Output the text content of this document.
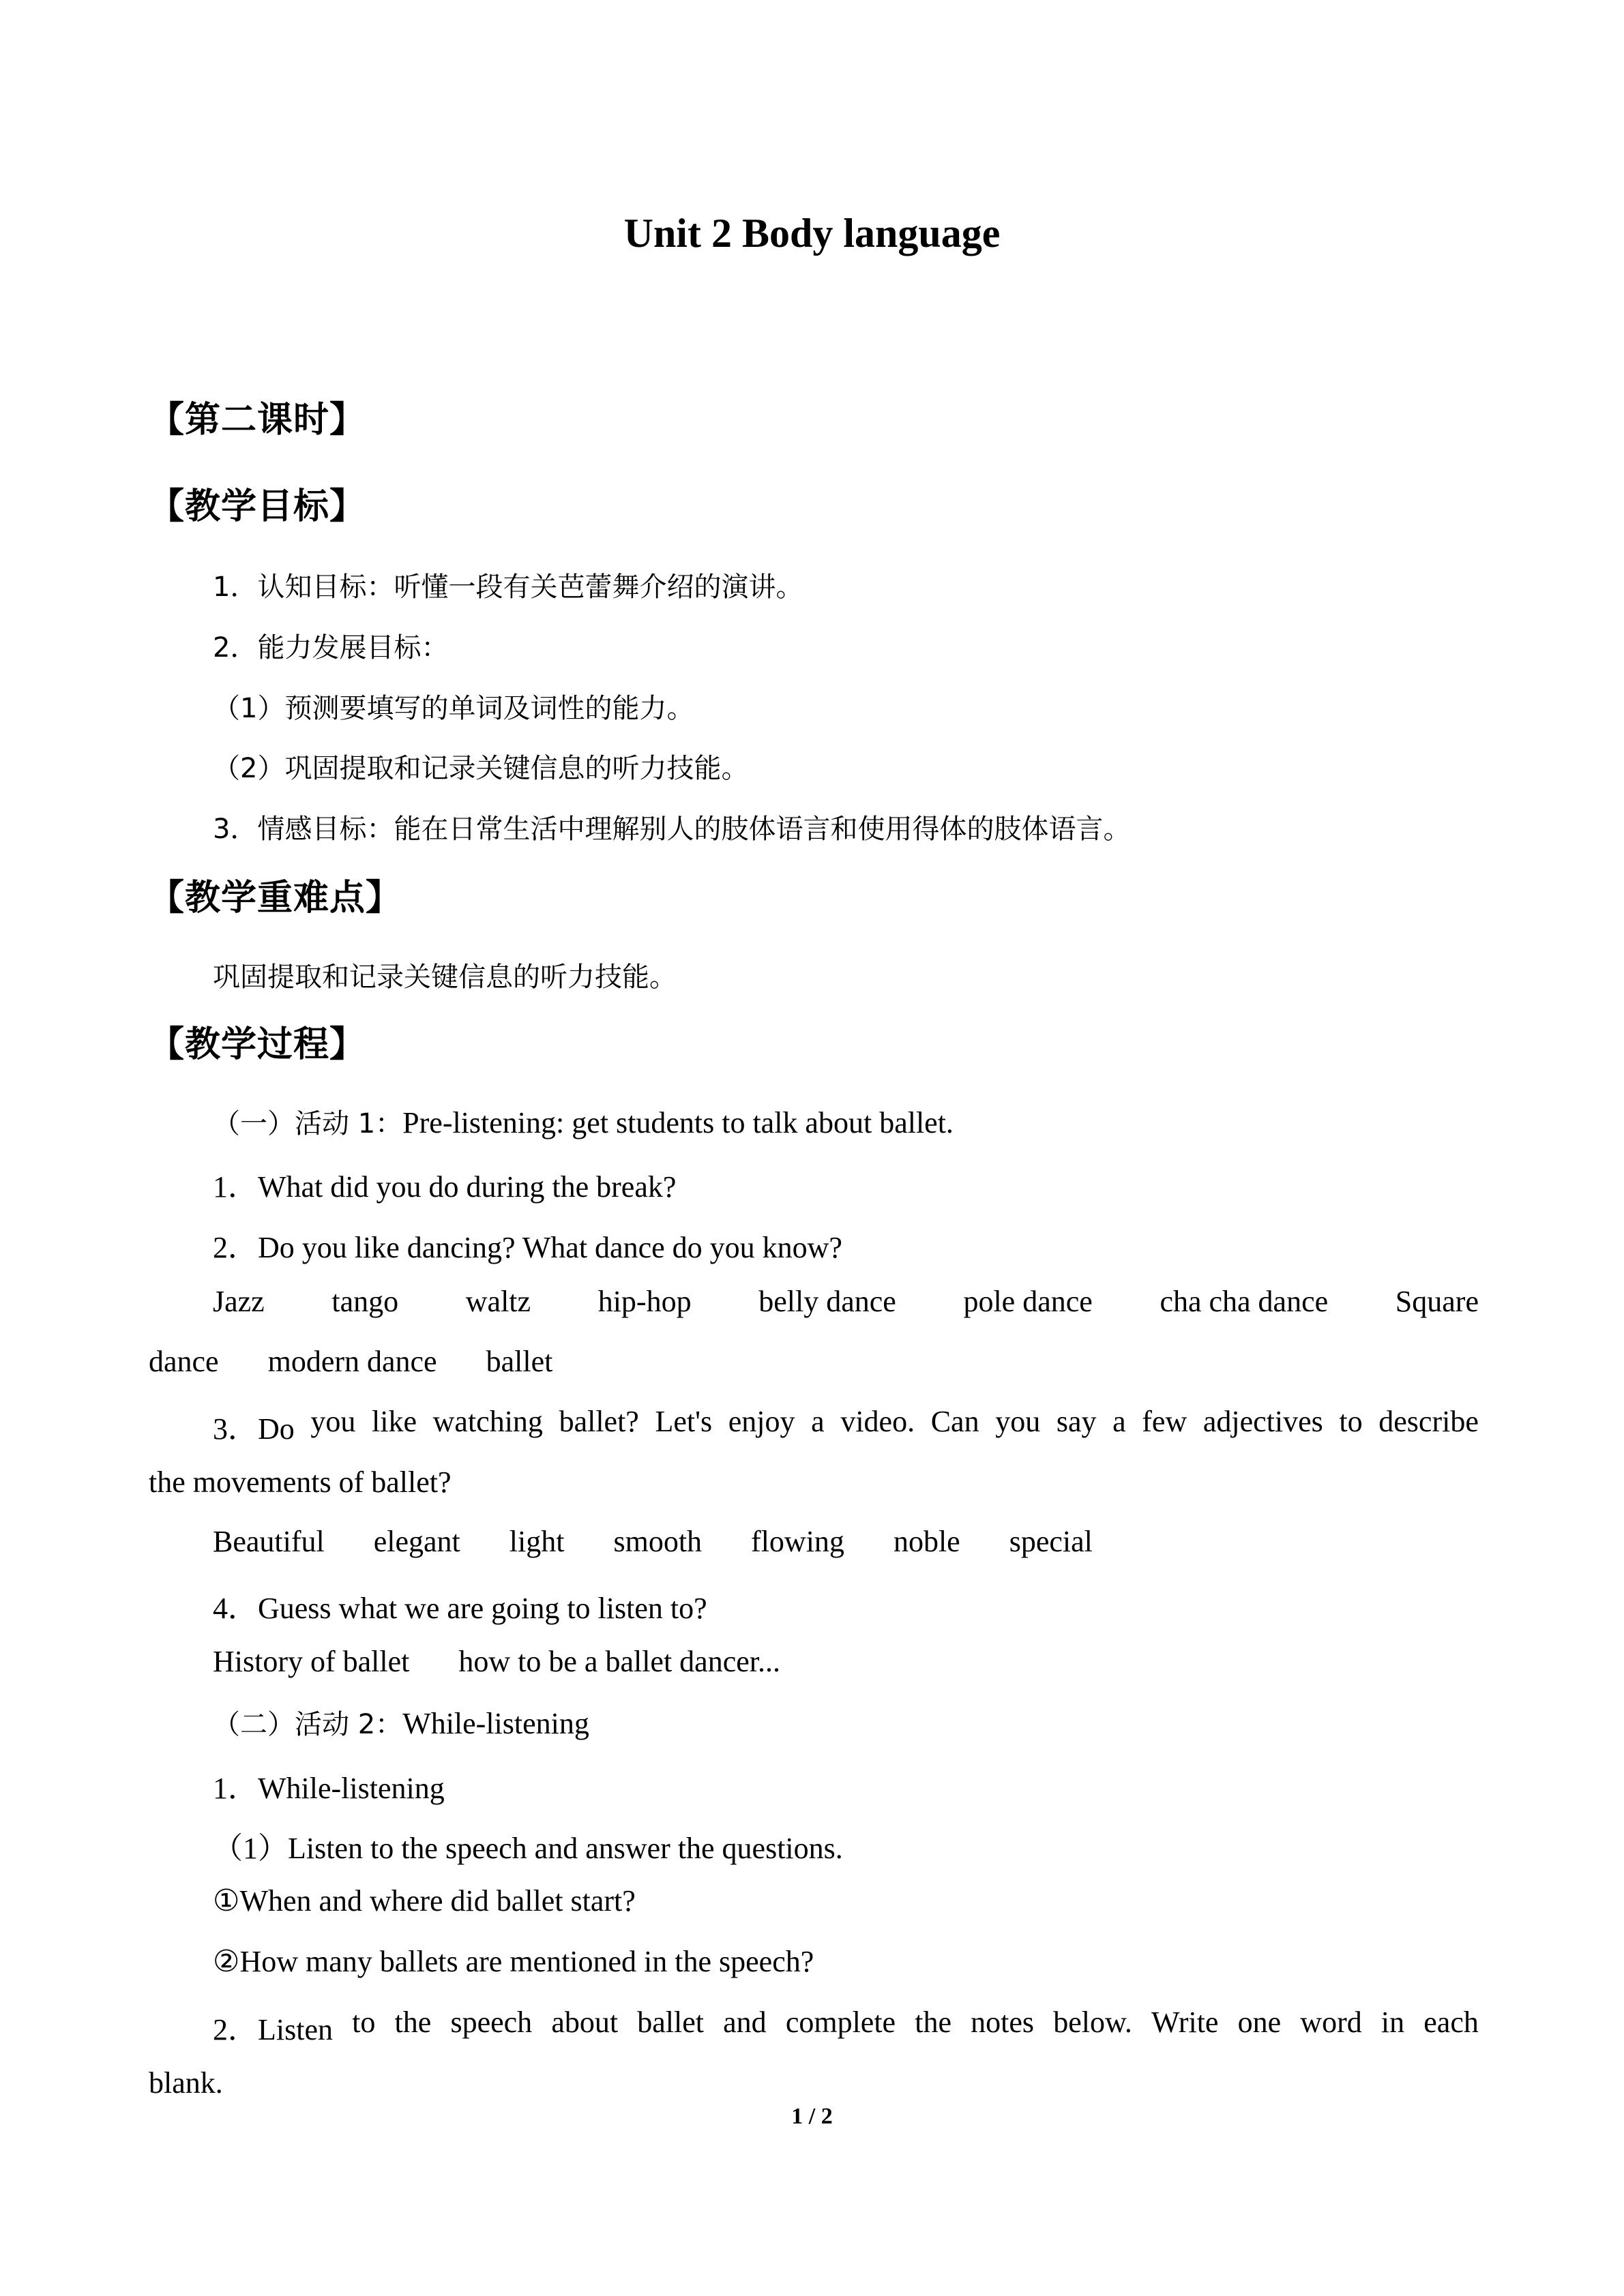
Unit 2 Body language
【第二课时】
【教学目标】
1．认知目标：听懂一段有关芭蕾舞介绍的演讲。
2．能力发展目标：
（1）预测要填写的单词及词性的能力。
（2）巩固提取和记录关键信息的听力技能。
3．情感目标：能在日常生活中理解别人的肢体语言和使用得体的肢体语言。
【教学重难点】
巩固提取和记录关键信息的听力技能。
【教学过程】
（一）活动 1：Pre-listening: get students to talk about ballet.
1．What did you do during the break?
2．Do you like dancing? What dance do you know?
Jazz tango waltz hip-hop belly dance pole dance cha cha dance Square
dance modern dance ballet
3．Do you like watching ballet? Let's enjoy a video. Can you say a few adjectives to describe
the movements of ballet?
Beautiful elegant light smooth flowing noble special
4．Guess what we are going to listen to?
History of ballet how to be a ballet dancer...
（二）活动 2：While-listening
1．While-listening
（1）Listen to the speech and answer the questions.
①When and where did ballet start?
②How many ballets are mentioned in the speech?
2．Listen to the speech about ballet and complete the notes below. Write one word in each
blank.
1 / 2
